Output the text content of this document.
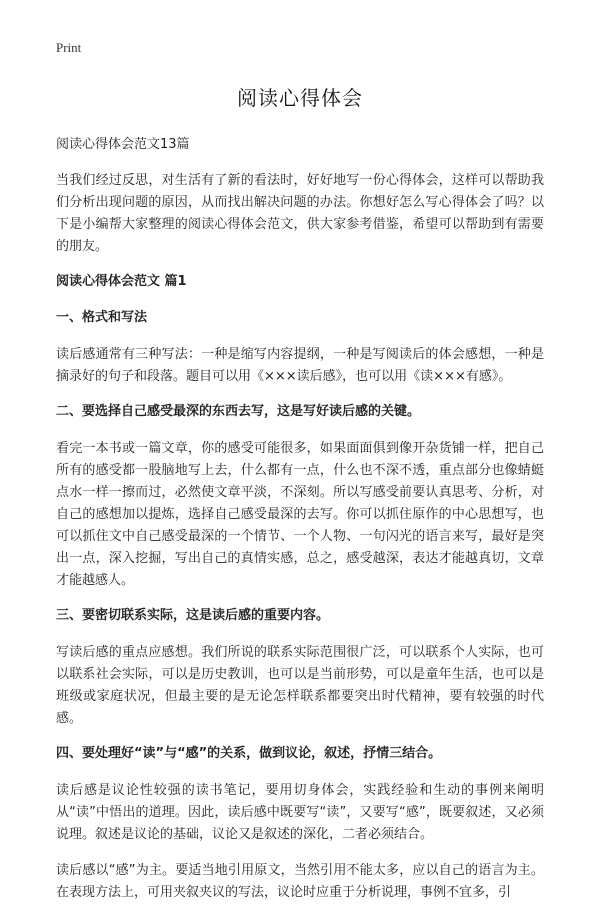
Print
阅读心得体会

阅读心得体会范文13篇

当我们经过反思，对生活有了新的看法时，好好地写一份心得体会，这样可以帮助我们分析出现问题的原因，从而找出解决问题的办法。你想好怎么写心得体会了吗？以下是小编帮大家整理的阅读心得体会范文，供大家参考借鉴，希望可以帮助到有需要的朋友。

阅读心得体会范文 篇1

一、格式和写法

读后感通常有三种写法：一种是缩写内容提纲，一种是写阅读后的体会感想，一种是摘录好的句子和段落。题目可以用《×××读后感》，也可以用《读×××有感》。

二、要选择自己感受最深的东西去写，这是写好读后感的关键。

看完一本书或一篇文章，你的感受可能很多，如果面面俱到像开杂货铺一样，把自己所有的感受都一股脑地写上去，什么都有一点，什么也不深不透，重点部分也像蜻蜓点水一样一擦而过，必然使文章平淡，不深刻。所以写感受前要认真思考、分析，对自己的感想加以提炼，选择自己感受最深的去写。你可以抓住原作的中心思想写，也可以抓住文中自己感受最深的一个情节、一个人物、一句闪光的语言来写，最好是突出一点，深入挖掘，写出自己的真情实感，总之，感受越深，表达才能越真切，文章才能越感人。

三、要密切联系实际，这是读后感的重要内容。

写读后感的重点应感想。我们所说的联系实际范围很广泛，可以联系个人实际，也可以联系社会实际，可以是历史教训，也可以是当前形势，可以是童年生活，也可以是班级或家庭状况，但最主要的是无论怎样联系都要突出时代精神，要有较强的时代感。

四、要处理好“读”与“感”的关系，做到议论，叙述，抒情三结合。

读后感是议论性较强的读书笔记，要用切身体会，实践经验和生动的事例来阐明从“读”中悟出的道理。因此，读后感中既要写“读”，又要写“感”，既要叙述，又必须说理。叙述是议论的基础，议论又是叙述的深化，二者必须结合。

读后感以“感”为主。要适当地引用原文，当然引用不能太多，应以自己的语言为主。在表现方法上，可用夹叙夹议的写法，议论时应重于分析说理，事例不宜多，引
